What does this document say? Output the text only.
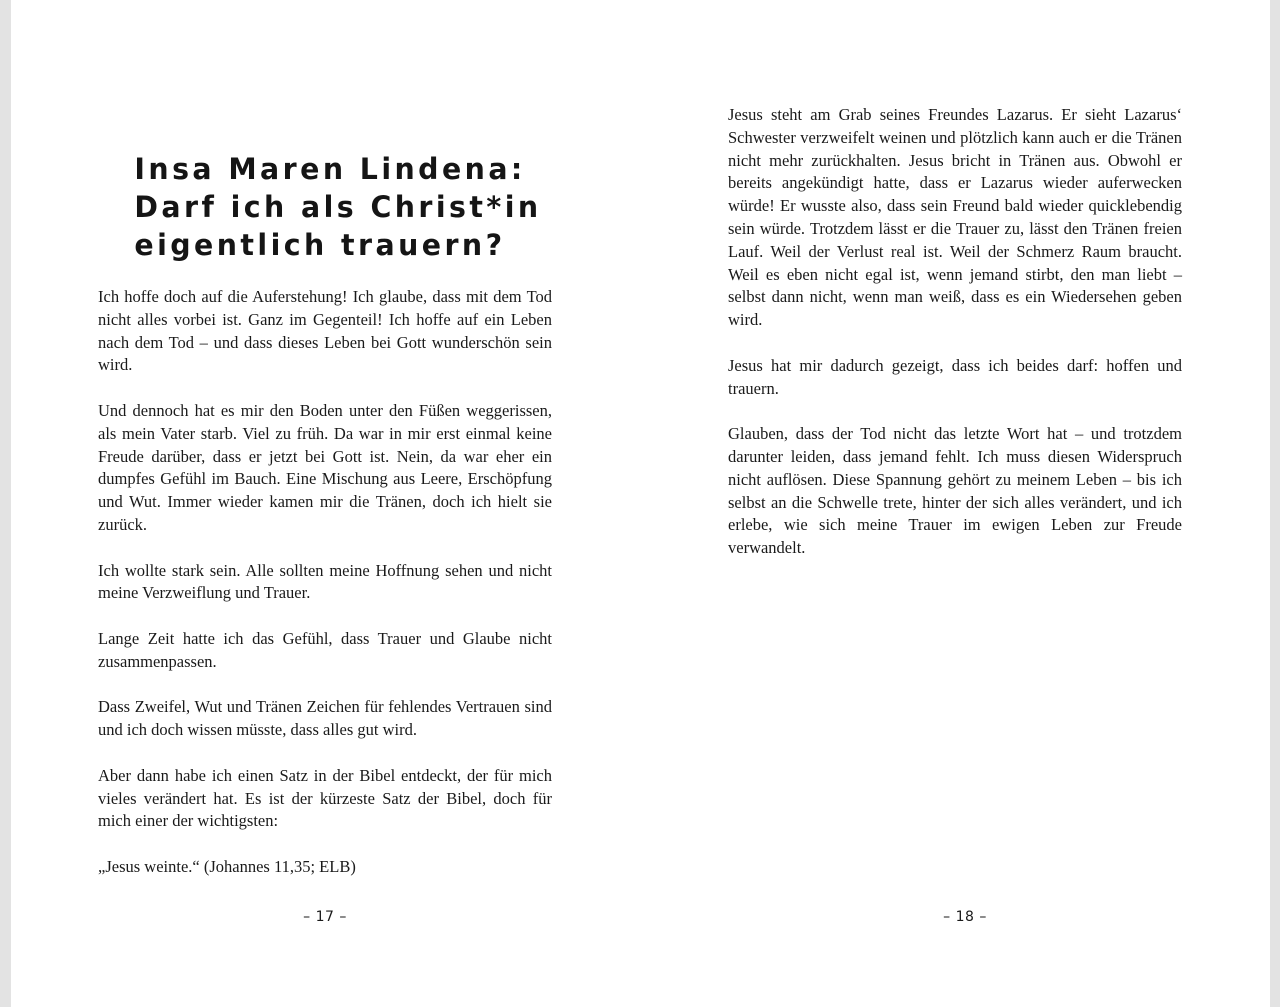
Insa Maren Lindena:
Darf ich als Christ*in
eigentlich trauern?

Ich hoffe doch auf die Auferstehung! Ich glaube, dass mit dem Tod nicht alles vorbei ist. Ganz im Gegenteil! Ich hoffe auf ein Leben nach dem Tod – und dass dieses Leben bei Gott wunderschön sein wird.

Und dennoch hat es mir den Boden unter den Füßen weggerissen, als mein Vater starb. Viel zu früh. Da war in mir erst einmal keine Freude darüber, dass er jetzt bei Gott ist. Nein, da war eher ein dumpfes Gefühl im Bauch. Eine Mischung aus Leere, Erschöpfung und Wut. Immer wieder kamen mir die Tränen, doch ich hielt sie zurück.

Ich wollte stark sein. Alle sollten meine Hoffnung sehen und nicht meine Verzweiflung und Trauer.

Lange Zeit hatte ich das Gefühl, dass Trauer und Glaube nicht zusammenpassen.

Dass Zweifel, Wut und Tränen Zeichen für fehlendes Vertrauen sind und ich doch wissen müsste, dass alles gut wird.

Aber dann habe ich einen Satz in der Bibel entdeckt, der für mich vieles verändert hat. Es ist der kürzeste Satz der Bibel, doch für mich einer der wichtigsten:

„Jesus weinte.“ (Johannes 11,35; ELB)

– 17 –

Jesus steht am Grab seines Freundes Lazarus. Er sieht Lazarus‘ Schwester verzweifelt weinen und plötzlich kann auch er die Tränen nicht mehr zurückhalten. Jesus bricht in Tränen aus. Obwohl er bereits angekündigt hatte, dass er Lazarus wieder auferwecken würde! Er wusste also, dass sein Freund bald wieder quicklebendig sein würde. Trotzdem lässt er die Trauer zu, lässt den Tränen freien Lauf. Weil der Verlust real ist. Weil der Schmerz Raum braucht. Weil es eben nicht egal ist, wenn jemand stirbt, den man liebt – selbst dann nicht, wenn man weiß, dass es ein Wiedersehen geben wird.

Jesus hat mir dadurch gezeigt, dass ich beides darf: hoffen und trauern.

Glauben, dass der Tod nicht das letzte Wort hat – und trotzdem darunter leiden, dass jemand fehlt. Ich muss diesen Widerspruch nicht auflösen. Diese Spannung gehört zu meinem Leben – bis ich selbst an die Schwelle trete, hinter der sich alles verändert, und ich erlebe, wie sich meine Trauer im ewigen Leben zur Freude verwandelt.

– 18 –
